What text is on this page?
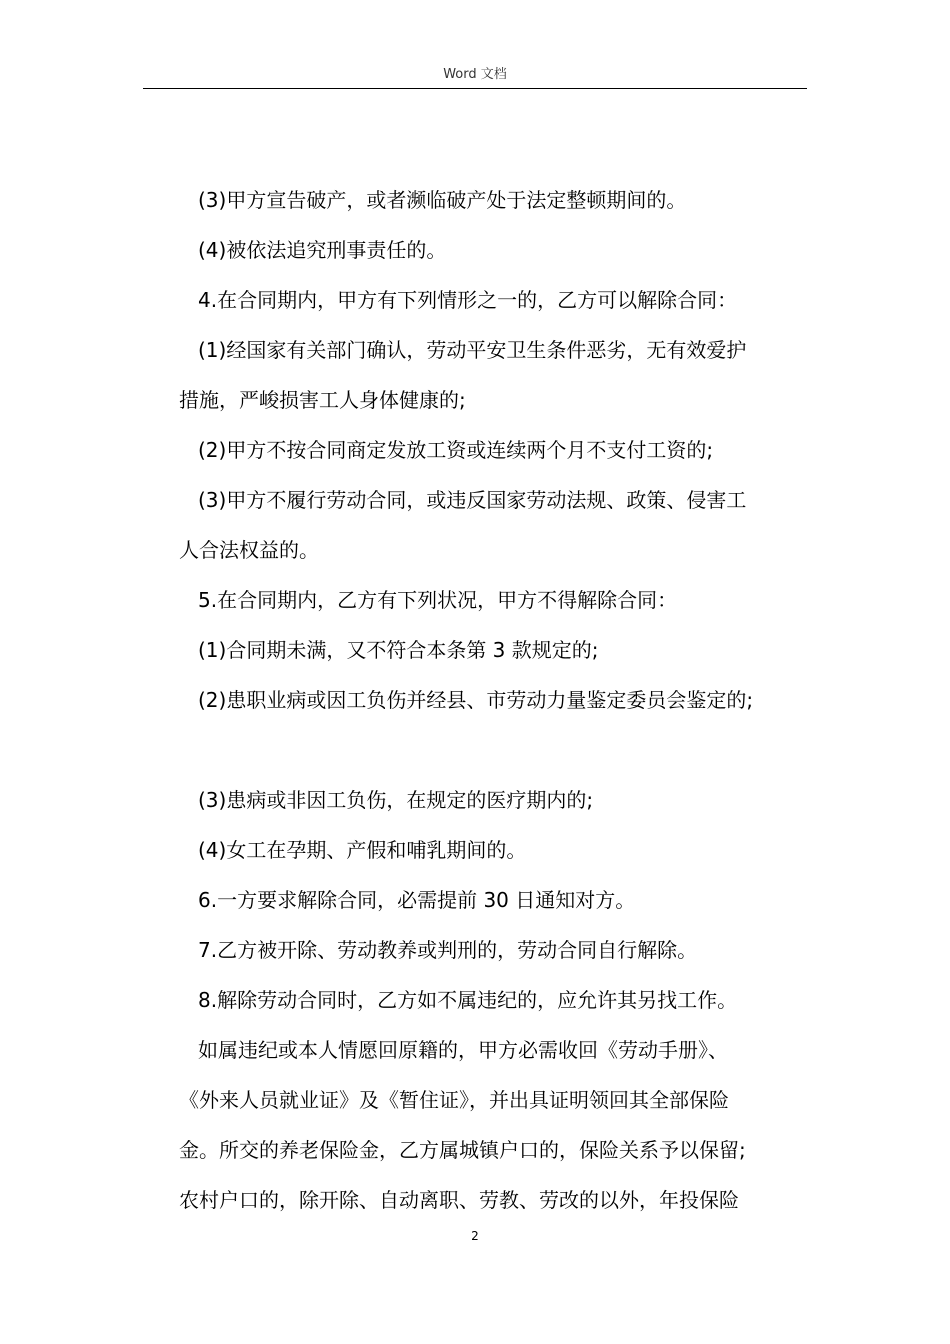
Word 文档
(3)甲方宣告破产，或者濒临破产处于法定整顿期间的。
(4)被依法追究刑事责任的。
4.在合同期内，甲方有下列情形之一的，乙方可以解除合同：
(1)经国家有关部门确认，劳动平安卫生条件恶劣，无有效爱护
措施，严峻损害工人身体健康的;
(2)甲方不按合同商定发放工资或连续两个月不支付工资的;
(3)甲方不履行劳动合同，或违反国家劳动法规、政策、侵害工
人合法权益的。
5.在合同期内，乙方有下列状况，甲方不得解除合同：
(1)合同期未满，又不符合本条第 3 款规定的;
(2)患职业病或因工负伤并经县、市劳动力量鉴定委员会鉴定的;
(3)患病或非因工负伤，在规定的医疗期内的;
(4)女工在孕期、产假和哺乳期间的。
6.一方要求解除合同，必需提前 30 日通知对方。
7.乙方被开除、劳动教养或判刑的，劳动合同自行解除。
8.解除劳动合同时，乙方如不属违纪的，应允许其另找工作。
如属违纪或本人情愿回原籍的，甲方必需收回《劳动手册》、
《外来人员就业证》及《暂住证》，并出具证明领回其全部保险
金。所交的养老保险金，乙方属城镇户口的，保险关系予以保留;
农村户口的，除开除、自动离职、劳教、劳改的以外，年投保险
2
